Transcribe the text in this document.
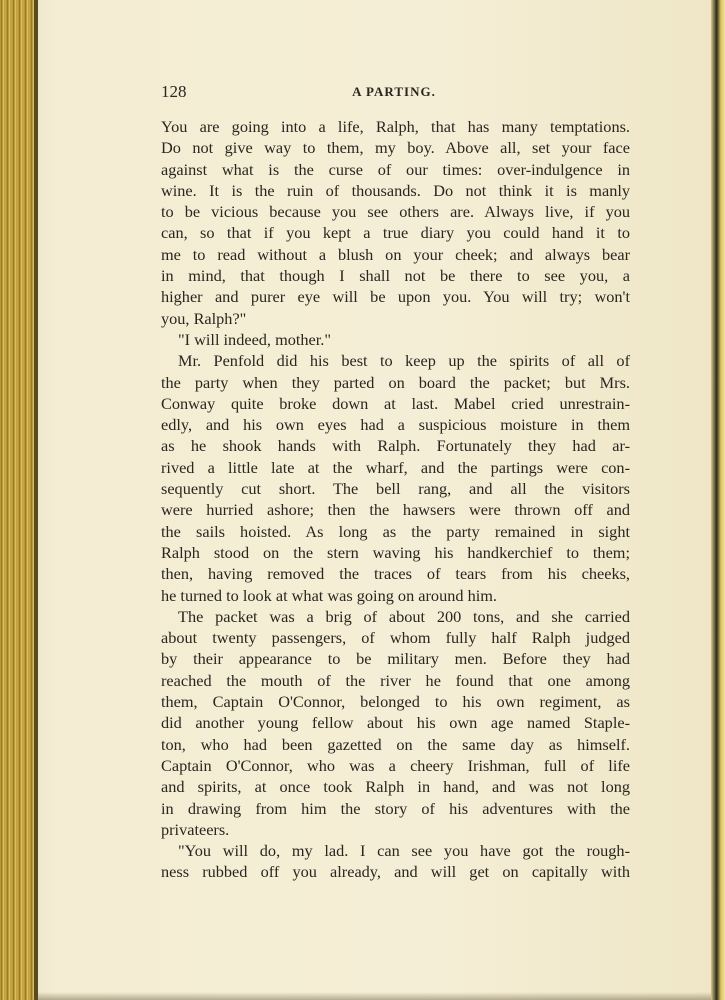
128	A PARTING.
You are going into a life, Ralph, that has many temptations.
Do not give way to them, my boy. Above all, set your face
against what is the curse of our times: over-indulgence in
wine. It is the ruin of thousands. Do not think it is manly
to be vicious because you see others are. Always live, if you
can, so that if you kept a true diary you could hand it to
me to read without a blush on your cheek; and always bear
in mind, that though I shall not be there to see you, a
higher and purer eye will be upon you. You will try; won't
you, Ralph?"
"I will indeed, mother."
Mr. Penfold did his best to keep up the spirits of all of
the party when they parted on board the packet; but Mrs.
Conway quite broke down at last. Mabel cried unrestrain-
edly, and his own eyes had a suspicious moisture in them
as he shook hands with Ralph. Fortunately they had ar-
rived a little late at the wharf, and the partings were con-
sequently cut short. The bell rang, and all the visitors
were hurried ashore; then the hawsers were thrown off and
the sails hoisted. As long as the party remained in sight
Ralph stood on the stern waving his handkerchief to them;
then, having removed the traces of tears from his cheeks,
he turned to look at what was going on around him.
The packet was a brig of about 200 tons, and she carried
about twenty passengers, of whom fully half Ralph judged
by their appearance to be military men. Before they had
reached the mouth of the river he found that one among
them, Captain O'Connor, belonged to his own regiment, as
did another young fellow about his own age named Staple-
ton, who had been gazetted on the same day as himself.
Captain O'Connor, who was a cheery Irishman, full of life
and spirits, at once took Ralph in hand, and was not long
in drawing from him the story of his adventures with the
privateers.
"You will do, my lad. I can see you have got the rough-
ness rubbed off you already, and will get on capitally with
